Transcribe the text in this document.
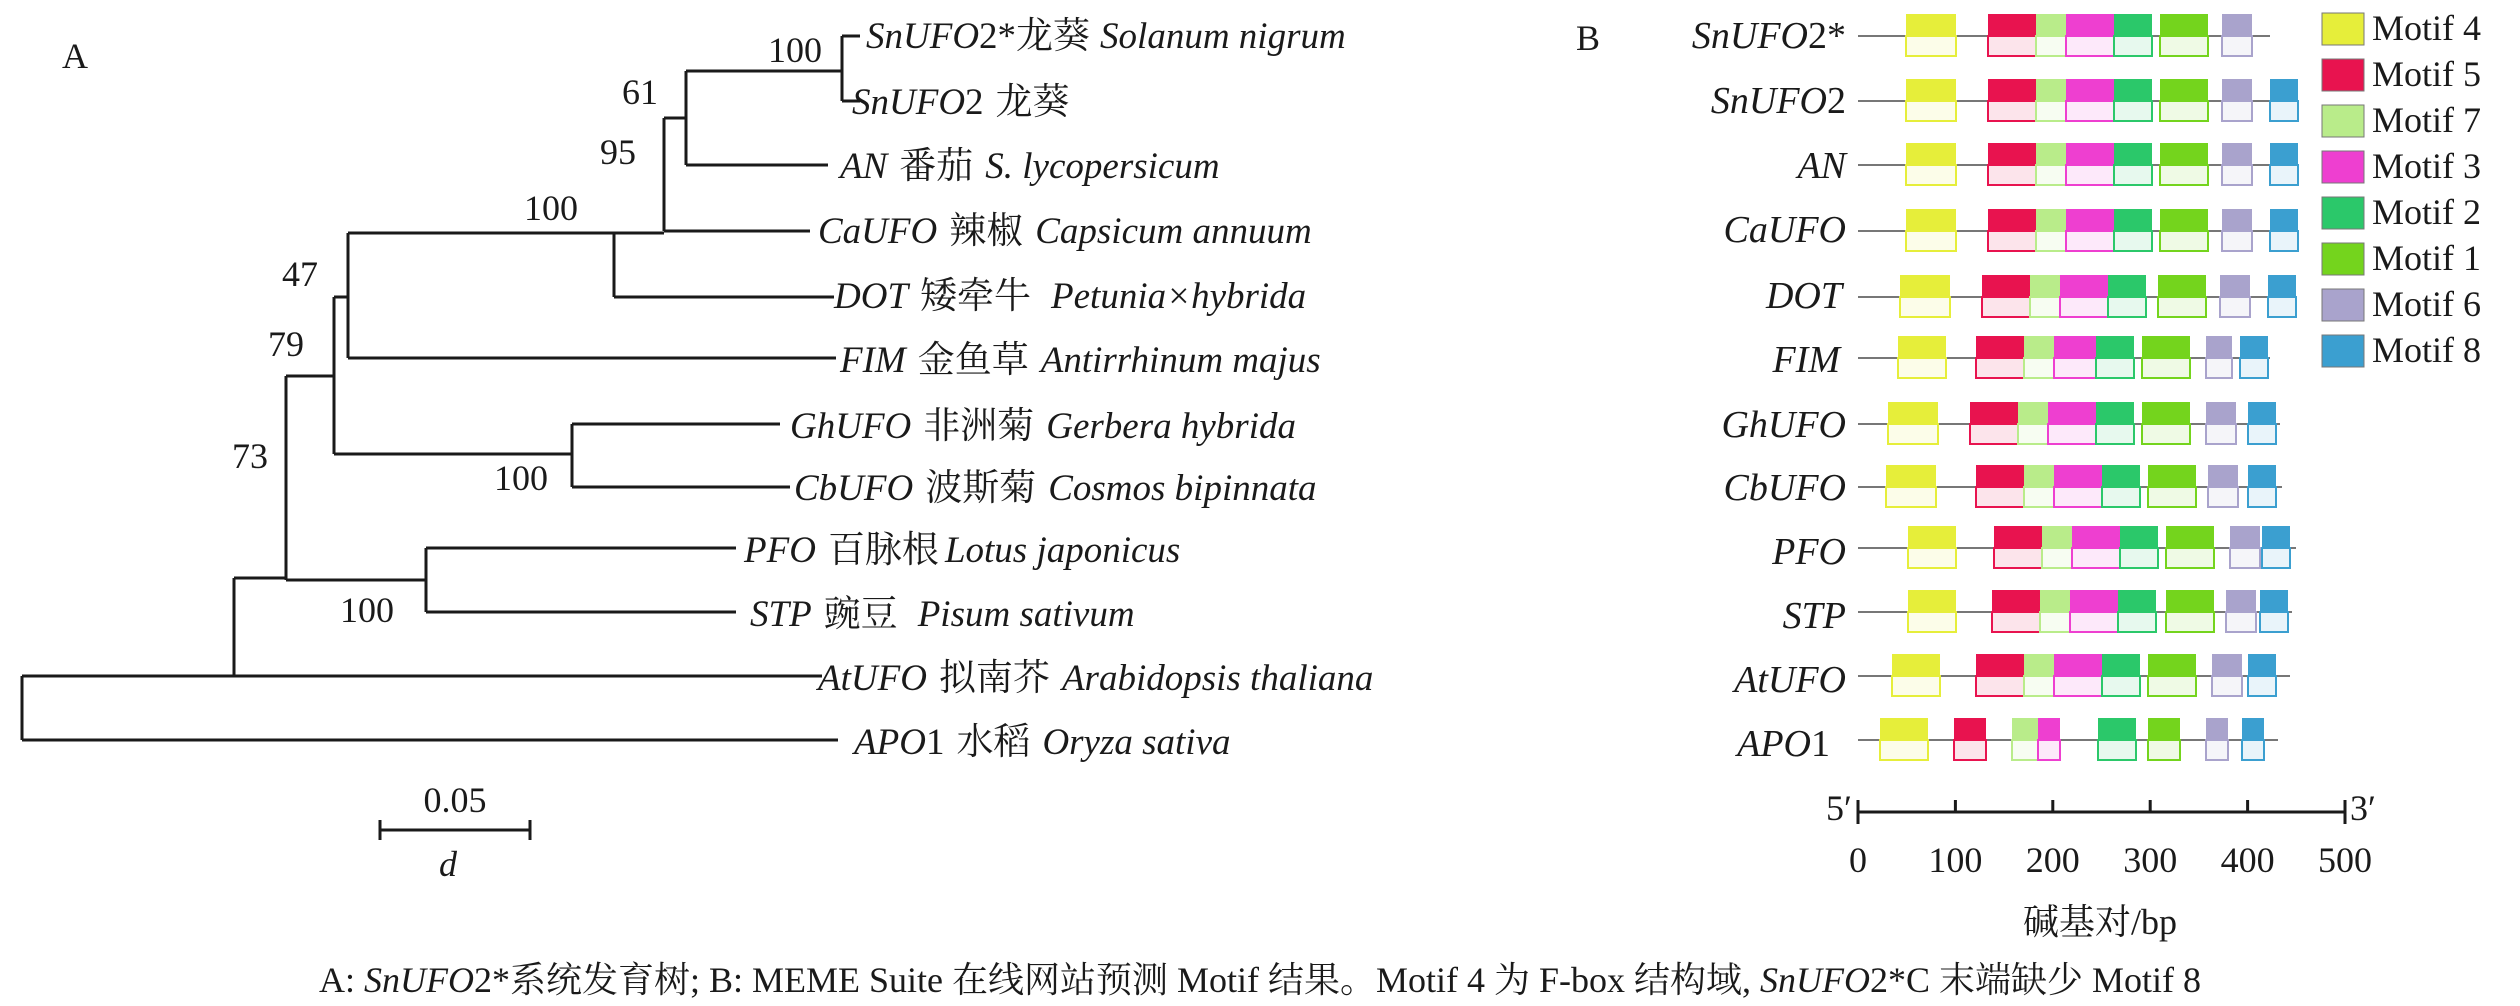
A	100
61
95
100
47
79
100
73
100
SnUFO2*龙葵 Solanum nigrum
SnUFO2 龙葵
AN 番茄 S. lycopersicum
CaUFO 辣椒 Capsicum annuum
DOT 矮牵牛 Petunia×hybrida
FIM 金鱼草 Antirrhinum majus
GhUFO 非洲菊 Gerbera hybrida
CbUFO 波斯菊 Cosmos bipinnata
PFO 百脉根 Lotus japonicus
STP 豌豆 Pisum sativum
AtUFO 拟南芥 Arabidopsis thaliana
APO1 水稻 Oryza sativa
0.05
d
B SnUFO2*
SnUFO2
AN
CaUFO
DOT
FIM
GhUFO
CbUFO
PFO
STP
AtUFO
APO1
Motif 4
Motif 5
Motif 7
Motif 3
Motif 2
Motif 1
Motif 6
Motif 8
0 100 200 300 400 500
5′	3′
碱基对/bp
A: SnUFO2*系统发育树; B: MEME Suite 在线网站预测 Motif 结果。Motif 4 为 F-box 结构域, SnUFO2*C 末端缺少 Motif 8
